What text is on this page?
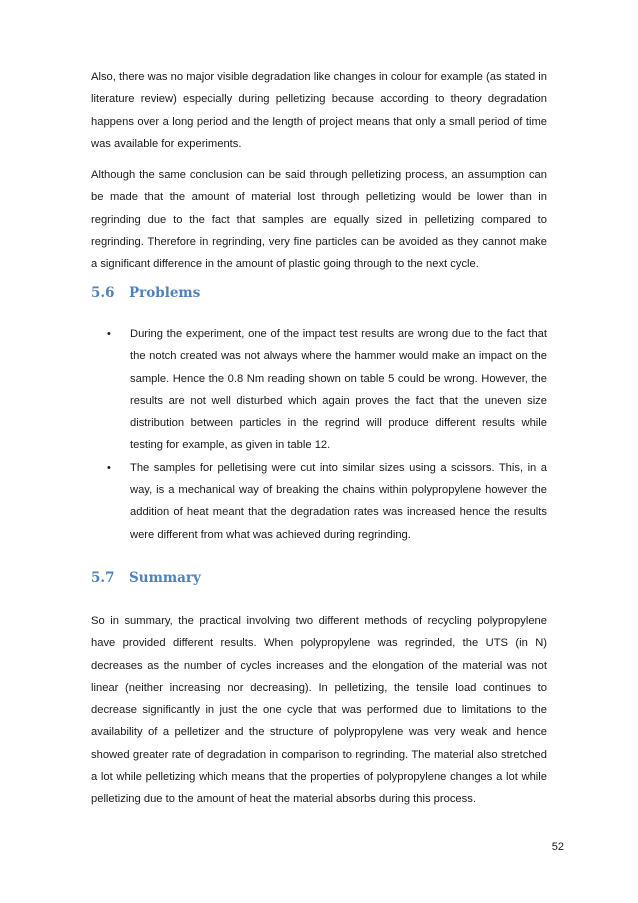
Also, there was no major visible degradation like changes in colour for example (as stated in literature review) especially during pelletizing because according to theory degradation happens over a long period and the length of project means that only a small period of time was available for experiments.

Although the same conclusion can be said through pelletizing process, an assumption can be made that the amount of material lost through pelletizing would be lower than in regrinding due to the fact that samples are equally sized in pelletizing compared to regrinding. Therefore in regrinding, very fine particles can be avoided as they cannot make a significant difference in the amount of plastic going through to the next cycle.

5.6 Problems
• During the experiment, one of the impact test results are wrong due to the fact that the notch created was not always where the hammer would make an impact on the sample. Hence the 0.8 Nm reading shown on table 5 could be wrong. However, the results are not well disturbed which again proves the fact that the uneven size distribution between particles in the regrind will produce different results while testing for example, as given in table 12.
• The samples for pelletising were cut into similar sizes using a scissors. This, in a way, is a mechanical way of breaking the chains within polypropylene however the addition of heat meant that the degradation rates was increased hence the results were different from what was achieved during regrinding.
5.7 Summary

So in summary, the practical involving two different methods of recycling polypropylene have provided different results. When polypropylene was regrinded, the UTS (in N) decreases as the number of cycles increases and the elongation of the material was not linear (neither increasing nor decreasing). In pelletizing, the tensile load continues to decrease significantly in just the one cycle that was performed due to limitations to the availability of a pelletizer and the structure of polypropylene was very weak and hence showed greater rate of degradation in comparison to regrinding. The material also stretched a lot while pelletizing which means that the properties of polypropylene changes a lot while pelletizing due to the amount of heat the material absorbs during this process.

52
